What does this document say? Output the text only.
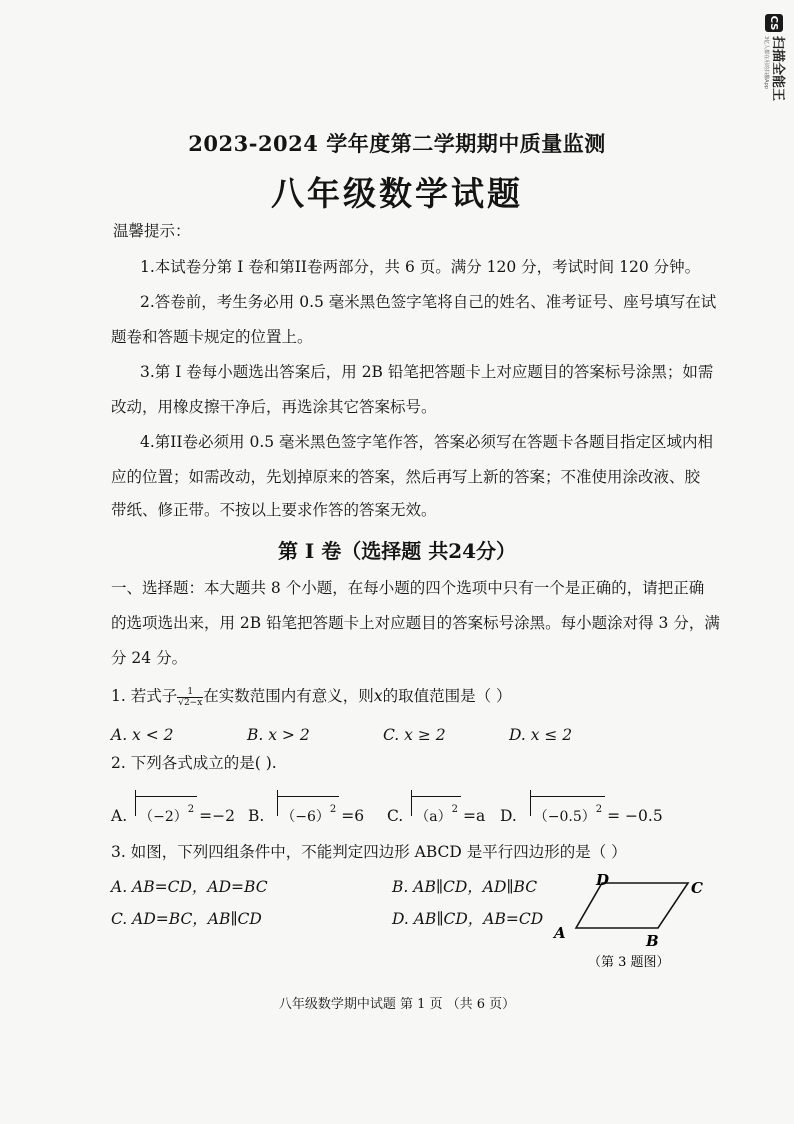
CS
扫描全能王
3亿人都在用的扫描App
2023-2024 学年度第二学期期中质量监测
八年级数学试题
温馨提示：
1.本试卷分第 I 卷和第II卷两部分，共 6 页。满分 120 分，考试时间 120 分钟。
2.答卷前，考生务必用 0.5 毫米黑色签字笔将自己的姓名、准考证号、座号填写在试
题卷和答题卡规定的位置上。
3.第 I 卷每小题选出答案后，用 2B 铅笔把答题卡上对应题目的答案标号涂黑；如需
改动，用橡皮擦干净后，再选涂其它答案标号。
4.第II卷必须用 0.5 毫米黑色签字笔作答，答案必须写在答题卡各题目指定区域内相
应的位置；如需改动，先划掉原来的答案，然后再写上新的答案；不准使用涂改液、胶
带纸、修正带。不按以上要求作答的答案无效。
第 I 卷（选择题 共24分）
一、选择题：本大题共 8 个小题，在每小题的四个选项中只有一个是正确的，请把正确
的选项选出来，用 2B 铅笔把答题卡上对应题目的答案标号涂黑。每小题涂对得 3 分，满
分 24 分。
1. 若式子 $\frac{1}{√2-x}$ 在实数范围内有意义，则x的取值范围是（ ）
A. x < 2	B. x > 2	C. x ≥ 2	D. x ≤ 2
2. 下列各式成立的是( ).
A. $(-2)^2 =-2$ B. $(-6)^2 =6$ C. $(a)^2 =a$ D. $(-0.5)^2 = -0.5$
3. 如图，下列四组条件中，不能判定四边形 ABCD 是平行四边形的是（ ）
A. AB=CD，AD=BC	B. AB∥CD，AD∥BC
C. AD=BC，AB∥CD	D. AB∥CD，AB=CD
A	B
C
D
（第 3 题图）
八年级数学期中试题 第 1 页 （共 6 页）
